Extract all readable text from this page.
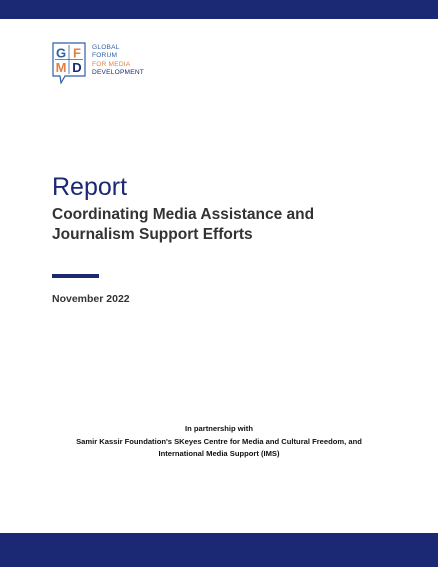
G F
M D
GLOBAL
FORUM
FOR MEDIA
DEVELOPMENT
Report
Coordinating Media Assistance and Journalism Support Efforts
November 2022
In partnership with
Samir Kassir Foundation's SKeyes Centre for Media and Cultural Freedom, and
International Media Support (IMS)
